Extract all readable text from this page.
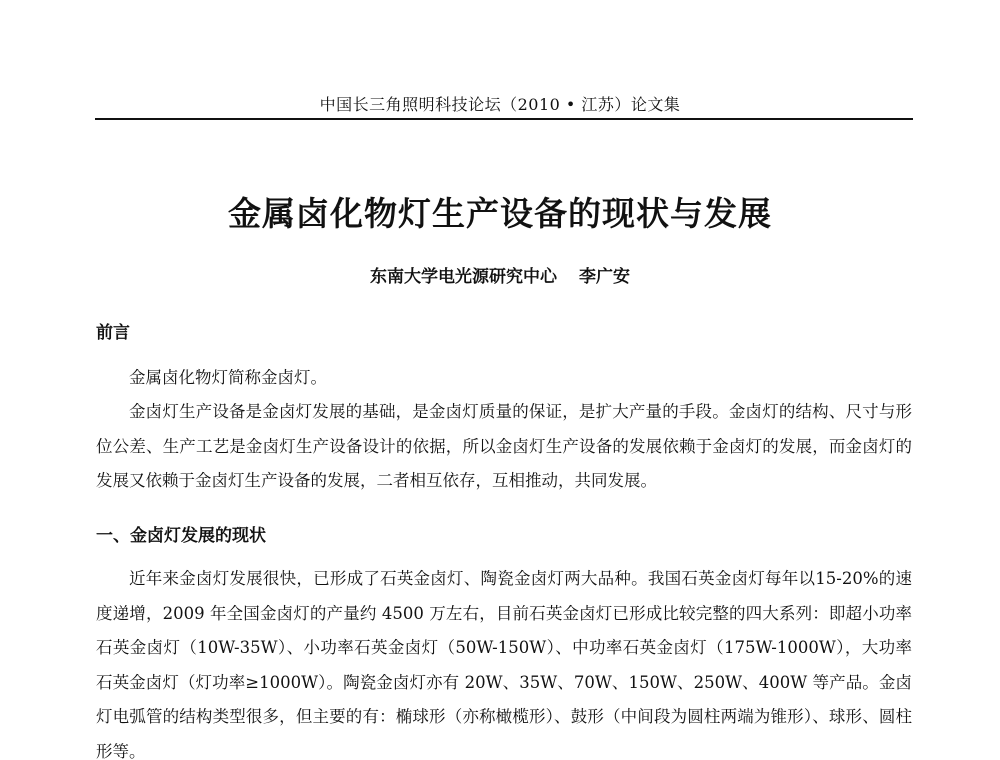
中国长三角照明科技论坛（2010 • 江苏）论文集
金属卤化物灯生产设备的现状与发展
东南大学电光源研究中心 李广安
前言

金属卤化物灯简称金卤灯。

金卤灯生产设备是金卤灯发展的基础，是金卤灯质量的保证，是扩大产量的手段。金卤灯的结构、尺寸与形位公差、生产工艺是金卤灯生产设备设计的依据，所以金卤灯生产设备的发展依赖于金卤灯的发展，而金卤灯的发展又依赖于金卤灯生产设备的发展，二者相互依存，互相推动，共同发展。

一、金卤灯发展的现状

近年来金卤灯发展很快，已形成了石英金卤灯、陶瓷金卤灯两大品种。我国石英金卤灯每年以15-20%的速度递增，2009 年全国金卤灯的产量约 4500 万左右，目前石英金卤灯已形成比较完整的四大系列：即超小功率石英金卤灯（10W-35W）、小功率石英金卤灯（50W-150W）、中功率石英金卤灯（175W-1000W），大功率石英金卤灯（灯功率≥1000W）。陶瓷金卤灯亦有 20W、35W、70W、150W、250W、400W 等产品。金卤灯电弧管的结构类型很多，但主要的有：椭球形（亦称橄榄形）、鼓形（中间段为圆柱两端为锥形）、球形、圆柱形等。
